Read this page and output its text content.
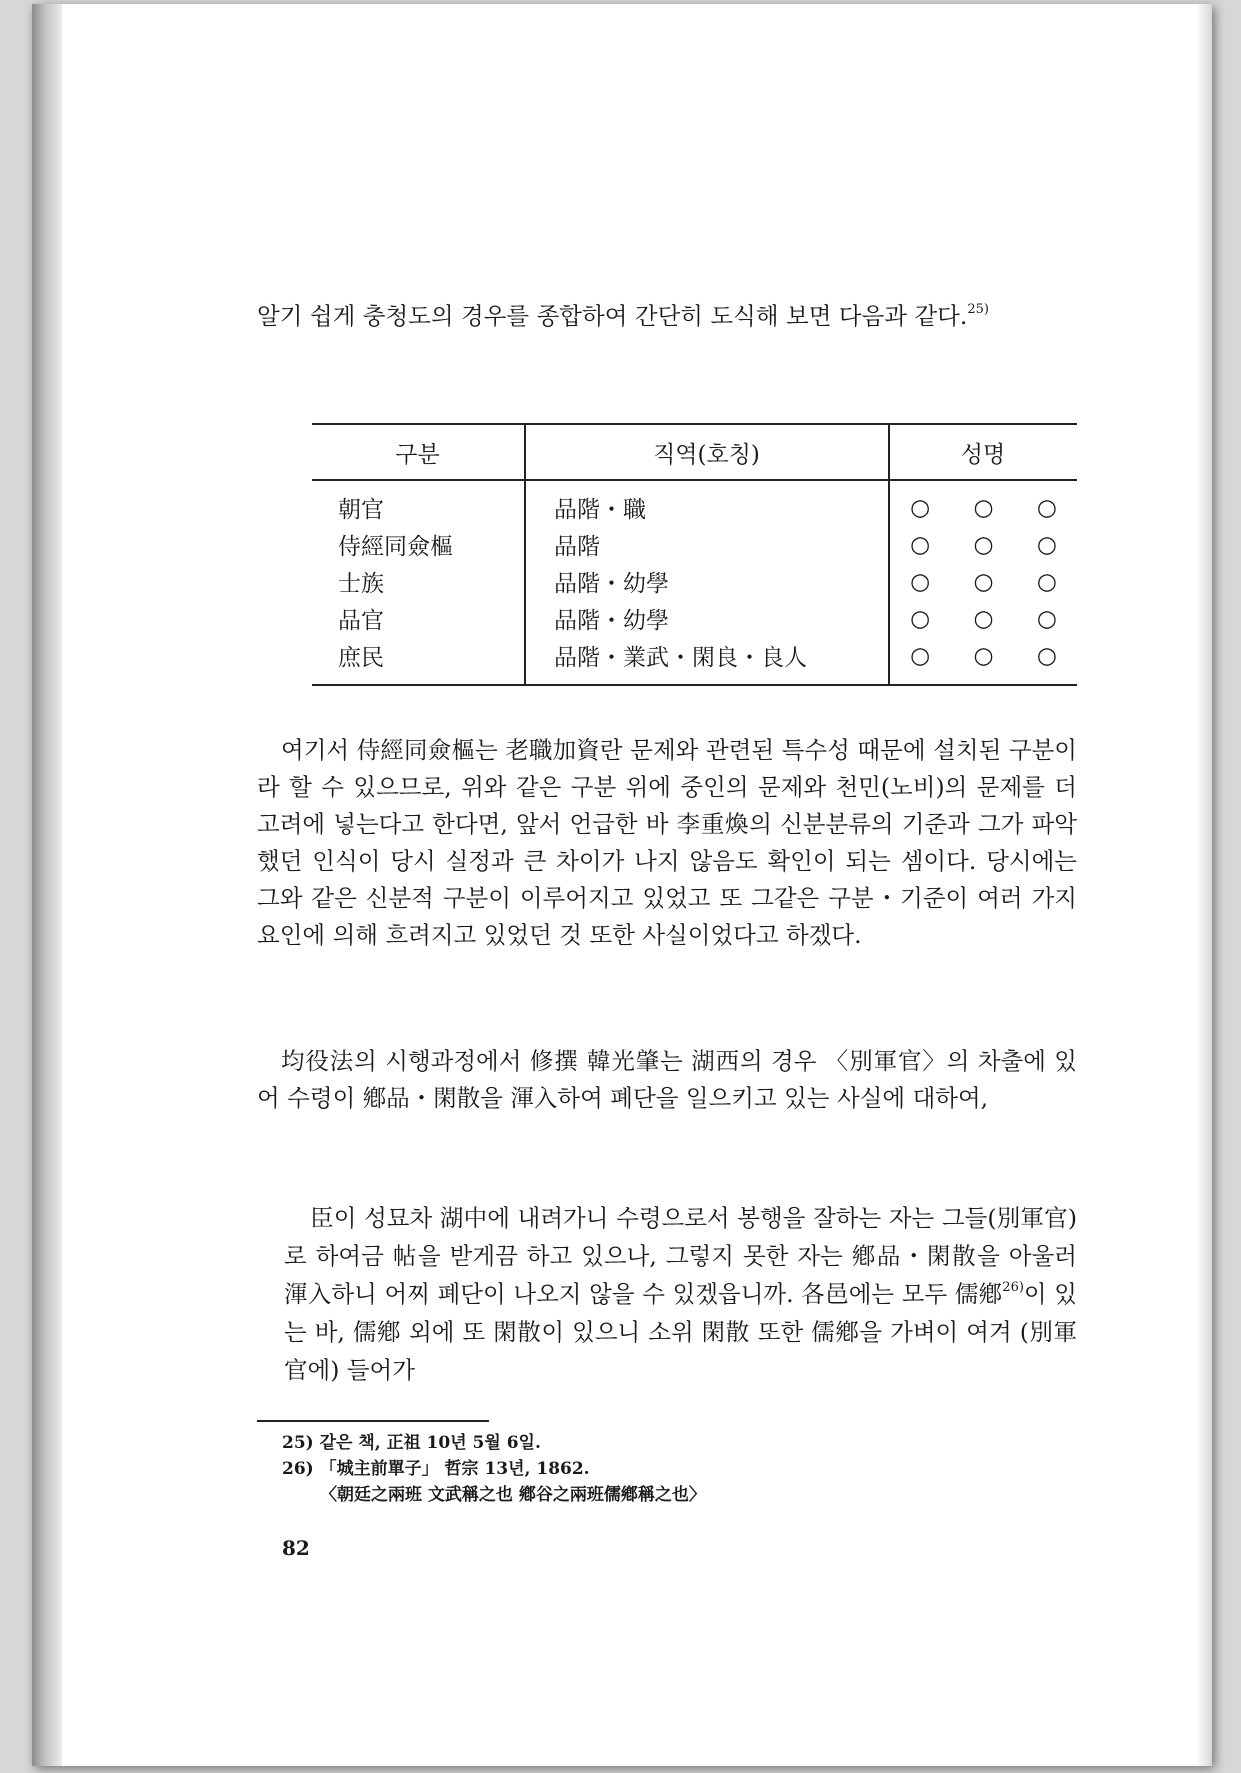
알기 쉽게 충청도의 경우를 종합하여 간단히 도식해 보면 다음과 같다.$^{25)}$

구분	직역(호칭)	성명
朝官	品階・職	○ ○ ○
侍經同僉樞	品階	○ ○ ○
士族	品階・幼學	○ ○ ○
品官	品階・幼學	○ ○ ○
庶民	品階・業武・閑良・良人	○ ○ ○

여기서 侍經同僉樞는 老職加資란 문제와 관련된 특수성 때문에 설치된 구분이라 할 수 있으므로, 위와 같은 구분 위에 중인의 문제와 천민(노비)의 문제를 더 고려에 넣는다고 한다면, 앞서 언급한 바 李重煥의 신분분류의 기준과 그가 파악했던 인식이 당시 실정과 큰 차이가 나지 않음도 확인이 되는 셈이다. 당시에는 그와 같은 신분적 구분이 이루어지고 있었고 또 그같은 구분・기준이 여러 가지 요인에 의해 흐려지고 있었던 것 또한 사실이었다고 하겠다.

均役法의 시행과정에서 修撰 韓光肇는 湖西의 경우 〈別軍官〉의 차출에 있어 수령이 鄕品・閑散을 渾入하여 폐단을 일으키고 있는 사실에 대하여,

臣이 성묘차 湖中에 내려가니 수령으로서 봉행을 잘하는 자는 그들(別軍官)로 하여금 帖을 받게끔 하고 있으나, 그렇지 못한 자는 鄕品・閑散을 아울러 渾入하니 어찌 폐단이 나오지 않을 수 있겠읍니까. 各邑에는 모두 儒鄕$^{26)}$이 있는 바, 儒鄕 외에 또 閑散이 있으니 소위 閑散 또한 儒鄕을 가벼이 여겨 (別軍官에) 들어가

25) 같은 책, 正祖 10년 5월 6일.
26) 「城主前單子」 哲宗 13년, 1862.
〈朝廷之兩班 文武稱之也 鄕谷之兩班儒鄕稱之也〉
82
